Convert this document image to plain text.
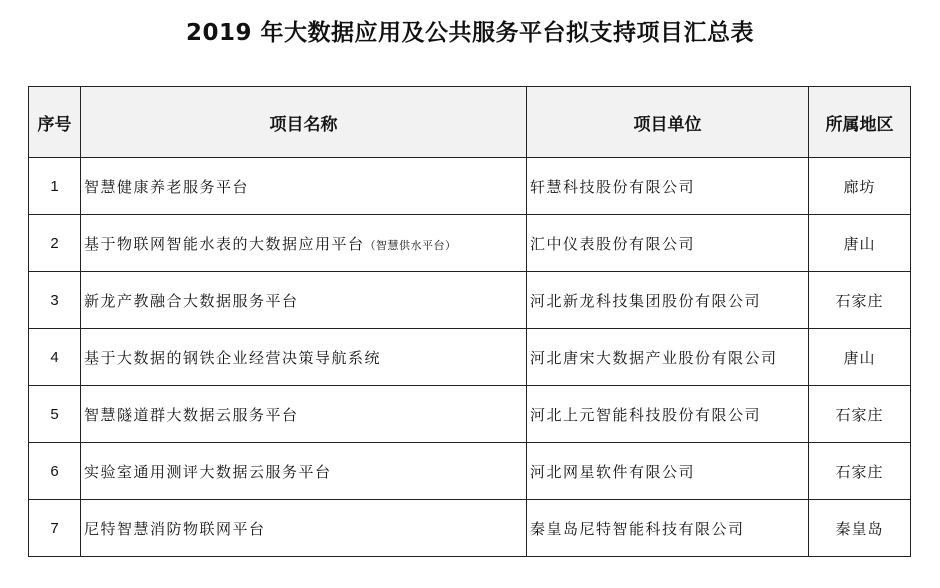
2019 年大数据应用及公共服务平台拟支持项目汇总表
序号	项目名称	项目单位	所属地区
1	智慧健康养老服务平台	轩慧科技股份有限公司	廊坊
2	基于物联网智能水表的大数据应用平台（智慧供水平台）	汇中仪表股份有限公司	唐山
3	新龙产教融合大数据服务平台	河北新龙科技集团股份有限公司	石家庄
4	基于大数据的钢铁企业经营决策导航系统	河北唐宋大数据产业股份有限公司	唐山
5	智慧隧道群大数据云服务平台	河北上元智能科技股份有限公司	石家庄
6	实验室通用测评大数据云服务平台	河北网星软件有限公司	石家庄
7	尼特智慧消防物联网平台	秦皇岛尼特智能科技有限公司	秦皇岛
